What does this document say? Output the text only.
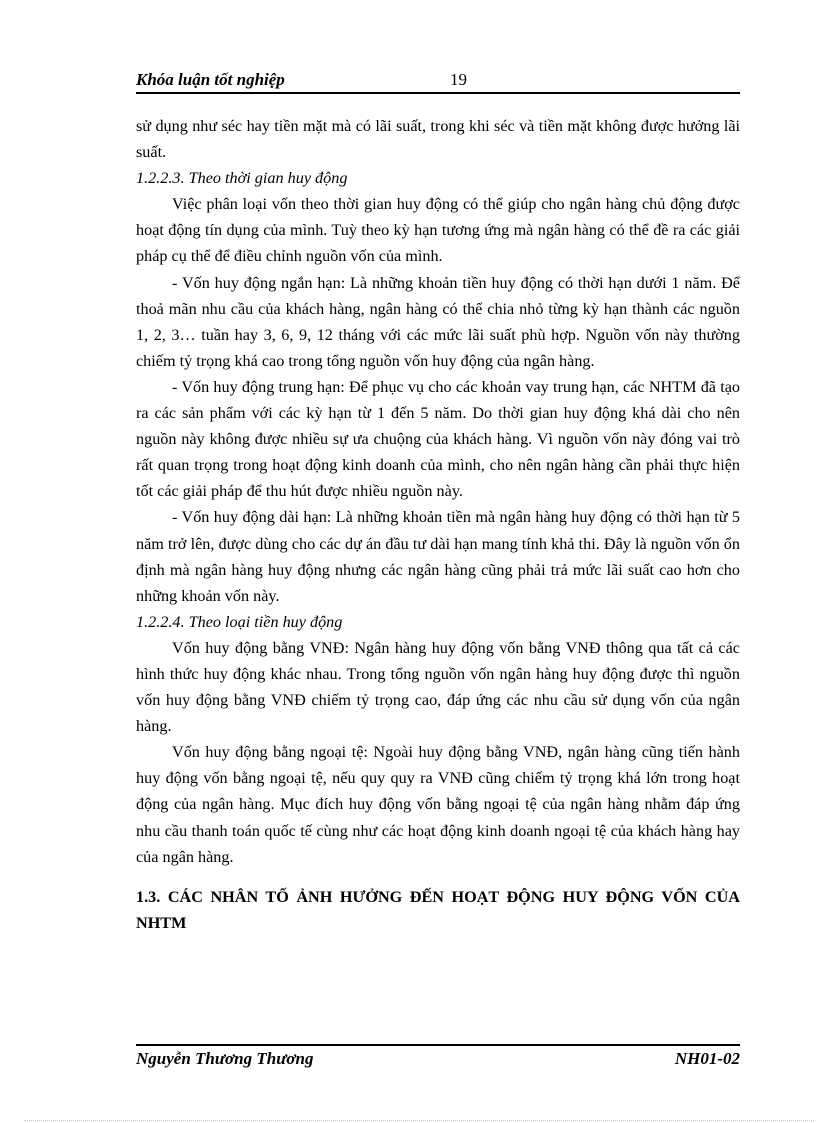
Khóa luận tốt nghiệp	19

sử dụng như séc hay tiền mặt mà có lãi suất, trong khi séc và tiền mặt không được hưởng lãi suất.

1.2.2.3. Theo thời gian huy động

Việc phân loại vốn theo thời gian huy động có thể giúp cho ngân hàng chủ động được hoạt động tín dụng của mình. Tuỳ theo kỳ hạn tương ứng mà ngân hàng có thể đề ra các giải pháp cụ thể để điều chỉnh nguồn vốn của mình.

- Vốn huy động ngắn hạn: Là những khoản tiền huy động có thời hạn dưới 1 năm. Để thoả mãn nhu cầu của khách hàng, ngân hàng có thể chia nhỏ từng kỳ hạn thành các nguồn 1, 2, 3… tuần hay 3, 6, 9, 12 tháng với các mức lãi suất phù hợp. Nguồn vốn này thường chiếm tỷ trọng khá cao trong tổng nguồn vốn huy động của ngân hàng.

- Vốn huy động trung hạn: Để phục vụ cho các khoản vay trung hạn, các NHTM đã tạo ra các sản phẩm với các kỳ hạn từ 1 đến 5 năm. Do thời gian huy động khá dài cho nên nguồn này không được nhiều sự ưa chuộng của khách hàng. Vì nguồn vốn này đóng vai trò rất quan trọng trong hoạt động kinh doanh của mình, cho nên ngân hàng cần phải thực hiện tốt các giải pháp để thu hút được nhiều nguồn này.

- Vốn huy động dài hạn: Là những khoản tiền mà ngân hàng huy động có thời hạn từ 5 năm trở lên, được dùng cho các dự án đầu tư dài hạn mang tính khả thi. Đây là nguồn vốn ổn định mà ngân hàng huy động nhưng các ngân hàng cũng phải trả mức lãi suất cao hơn cho những khoản vốn này.

1.2.2.4. Theo loại tiền huy động

Vốn huy động bằng VNĐ: Ngân hàng huy động vốn bằng VNĐ thông qua tất cả các hình thức huy động khác nhau. Trong tổng nguồn vốn ngân hàng huy động được thì nguồn vốn huy động bằng VNĐ chiếm tỷ trọng cao, đáp ứng các nhu cầu sử dụng vốn của ngân hàng.

Vốn huy động bằng ngoại tệ: Ngoài huy động bằng VNĐ, ngân hàng cũng tiến hành huy động vốn bằng ngoại tệ, nếu quy quy ra VNĐ cũng chiếm tỷ trọng khá lớn trong hoạt động của ngân hàng. Mục đích huy động vốn bằng ngoại tệ của ngân hàng nhằm đáp ứng nhu cầu thanh toán quốc tế cùng như các hoạt động kinh doanh ngoại tệ của khách hàng hay của ngân hàng.

1.3. CÁC NHÂN TỐ ẢNH HƯỞNG ĐẾN HOẠT ĐỘNG HUY ĐỘNG VỐN CỦA NHTM

Nguyễn Thương Thương	NH01-02
